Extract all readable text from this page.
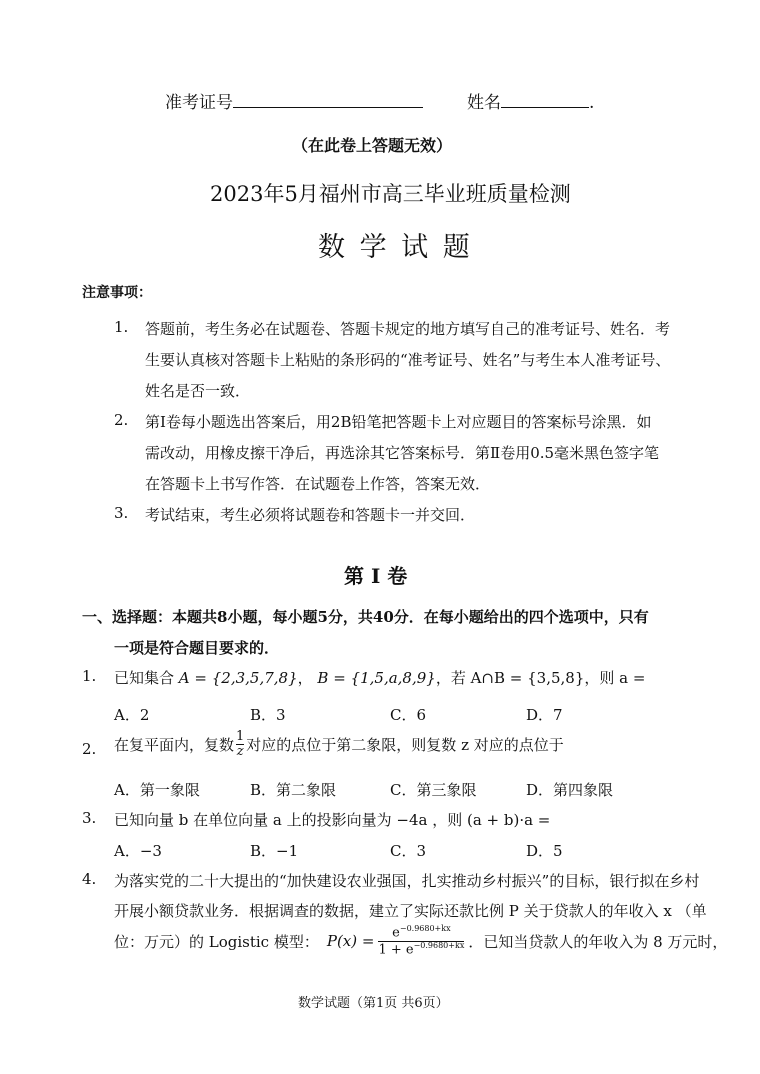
准考证号	姓名	.
（在此卷上答题无效）
2023年5月福州市高三毕业班质量检测
数 学 试 题
注意事项：
1. 答题前，考生务必在试题卷、答题卡规定的地方填写自己的准考证号、姓名．考
生要认真核对答题卡上粘贴的条形码的“准考证号、姓名”与考生本人准考证号、
姓名是否一致．
2. 第Ⅰ卷每小题选出答案后，用2B铅笔把答题卡上对应题目的答案标号涂黑．如
需改动，用橡皮擦干净后，再选涂其它答案标号．第Ⅱ卷用0.5毫米黑色签字笔
在答题卡上书写作答．在试题卷上作答，答案无效．
3. 考试结束，考生必须将试题卷和答题卡一并交回．
第 Ⅰ 卷
一、选择题：本题共8小题，每小题5分，共40分．在每小题给出的四个选项中，只有
一项是符合题目要求的．
1. 已知集合 A = {2,3,5,7,8}， B = {1,5,a,8,9}，若 A∩B = {3,5,8}，则 a =
A．2	B．3	C．6	D．7
2. 在复平面内，复数 $\frac{1}{z}$ 对应的点位于第二象限，则复数 z 对应的点位于
A．第一象限	B．第二象限	C．第三象限	D．第四象限
3. 已知向量 b 在单位向量 a 上的投影向量为 −4a ，则 (a + b)·a =
A．−3	B．−1	C．3	D．5
4. 为落实党的二十大提出的“加快建设农业强国，扎实推动乡村振兴”的目标，银行拟在乡村
开展小额贷款业务．根据调查的数据，建立了实际还款比例 P 关于贷款人的年收入 x （单
位：万元）的 Logistic 模型： $P(x) = \frac{e^{-0.9680+kx}}{1 + e^{-0.9680+kx}}$ ．已知当贷款人的年收入为 8 万元时，
数学试题（第1页 共6页）
